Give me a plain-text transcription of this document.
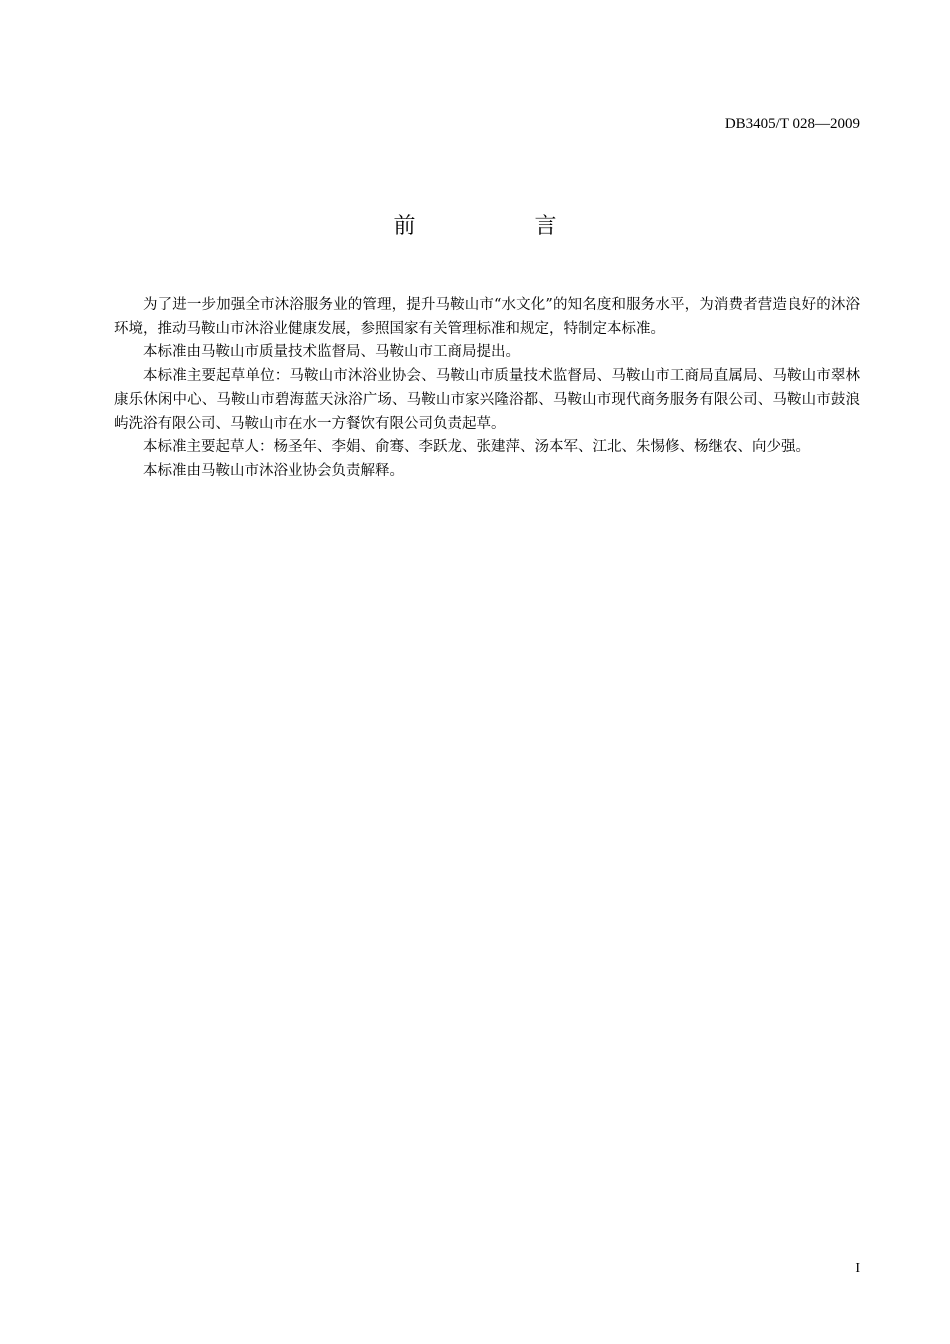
DB3405/T 028—2009
前 言

为了进一步加强全市沐浴服务业的管理，提升马鞍山市“水文化”的知名度和服务水平，为消费者营造良好的沐浴环境，推动马鞍山市沐浴业健康发展，参照国家有关管理标准和规定，特制定本标准。

本标准由马鞍山市质量技术监督局、马鞍山市工商局提出。

本标准主要起草单位：马鞍山市沐浴业协会、马鞍山市质量技术监督局、马鞍山市工商局直属局、马鞍山市翠林康乐休闲中心、马鞍山市碧海蓝天泳浴广场、马鞍山市家兴隆浴都、马鞍山市现代商务服务有限公司、马鞍山市鼓浪屿洗浴有限公司、马鞍山市在水一方餐饮有限公司负责起草。

本标准主要起草人：杨圣年、李娟、俞骞、李跃龙、张建萍、汤本军、江北、朱惕修、杨继农、向少强。

本标准由马鞍山市沐浴业协会负责解释。

I
